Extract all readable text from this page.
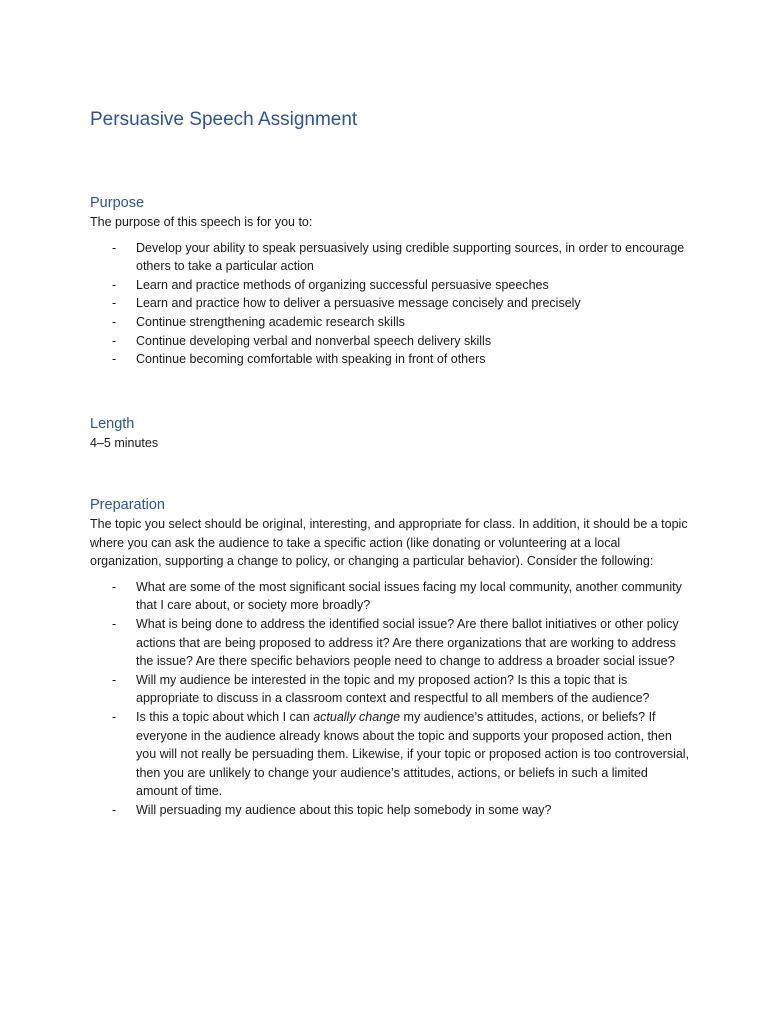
Persuasive Speech Assignment
Purpose

The purpose of this speech is for you to:

- Develop your ability to speak persuasively using credible supporting sources, in order to encourage others to take a particular action
- Learn and practice methods of organizing successful persuasive speeches
- Learn and practice how to deliver a persuasive message concisely and precisely
- Continue strengthening academic research skills
- Continue developing verbal and nonverbal speech delivery skills
- Continue becoming comfortable with speaking in front of others
Length

4–5 minutes

Preparation

The topic you select should be original, interesting, and appropriate for class. In addition, it should be a topic where you can ask the audience to take a specific action (like donating or volunteering at a local organization, supporting a change to policy, or changing a particular behavior). Consider the following:

- What are some of the most significant social issues facing my local community, another community that I care about, or society more broadly?
- What is being done to address the identified social issue? Are there ballot initiatives or other policy actions that are being proposed to address it? Are there organizations that are working to address the issue? Are there specific behaviors people need to change to address a broader social issue?
- Will my audience be interested in the topic and my proposed action? Is this a topic that is appropriate to discuss in a classroom context and respectful to all members of the audience?
- Is this a topic about which I can actually change my audience’s attitudes, actions, or beliefs? If everyone in the audience already knows about the topic and supports your proposed action, then you will not really be persuading them. Likewise, if your topic or proposed action is too controversial, then you are unlikely to change your audience’s attitudes, actions, or beliefs in such a limited amount of time.
- Will persuading my audience about this topic help somebody in some way?
